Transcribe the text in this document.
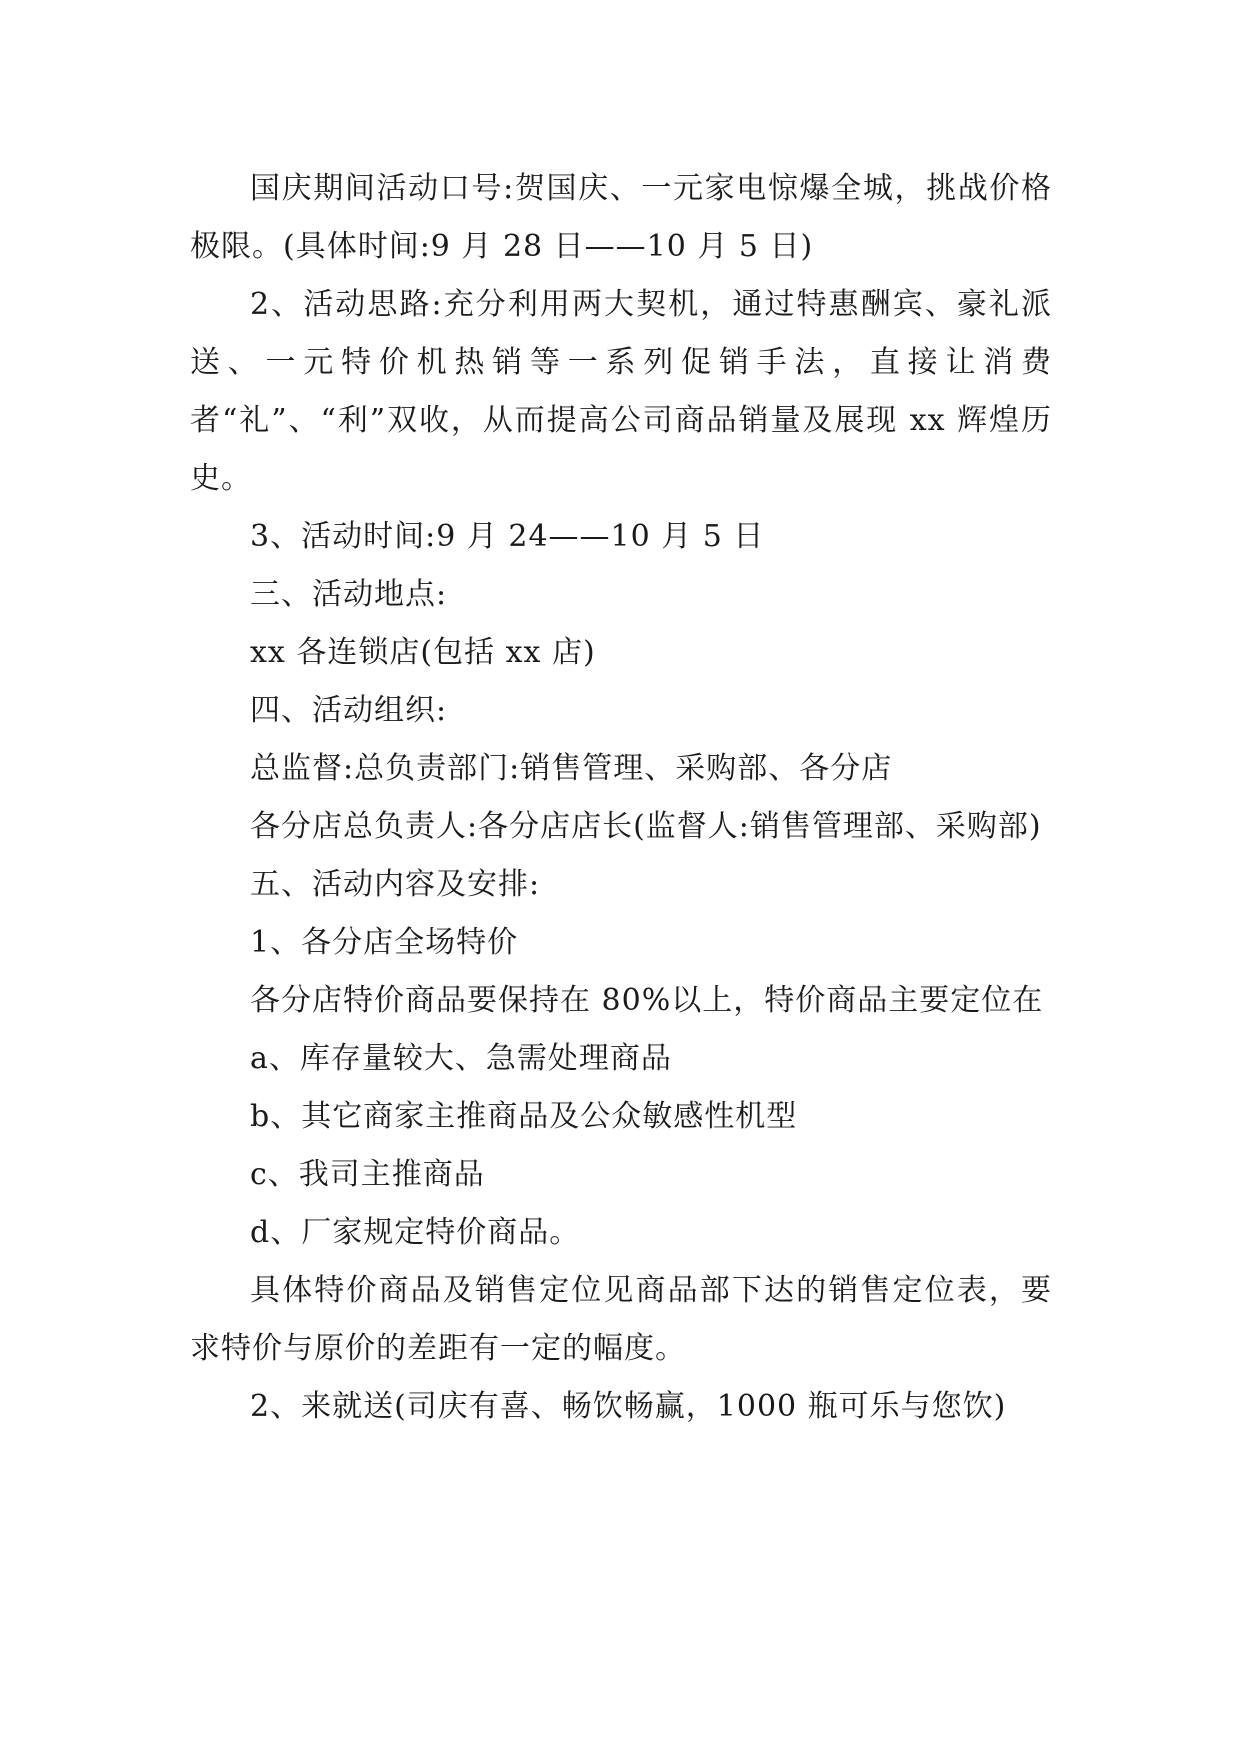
国庆期间活动口号:贺国庆、一元家电惊爆全城，挑战价格极限。(具体时间:9 月 28 日——10 月 5 日)

2、活动思路:充分利用两大契机，通过特惠酬宾、豪礼派送、一元特价机热销等一系列促销手法，直接让消费者“礼”、“利”双收，从而提高公司商品销量及展现 xx 辉煌历史。

3、活动时间:9 月 24——10 月 5 日

三、活动地点:

xx 各连锁店(包括 xx 店)

四、活动组织:

总监督:总负责部门:销售管理、采购部、各分店

各分店总负责人:各分店店长(监督人:销售管理部、采购部)

五、活动内容及安排:

1、各分店全场特价

各分店特价商品要保持在 80%以上，特价商品主要定位在

a、库存量较大、急需处理商品

b、其它商家主推商品及公众敏感性机型

c、我司主推商品

d、厂家规定特价商品。

具体特价商品及销售定位见商品部下达的销售定位表，要求特价与原价的差距有一定的幅度。

2、来就送(司庆有喜、畅饮畅赢，1000 瓶可乐与您饮)
